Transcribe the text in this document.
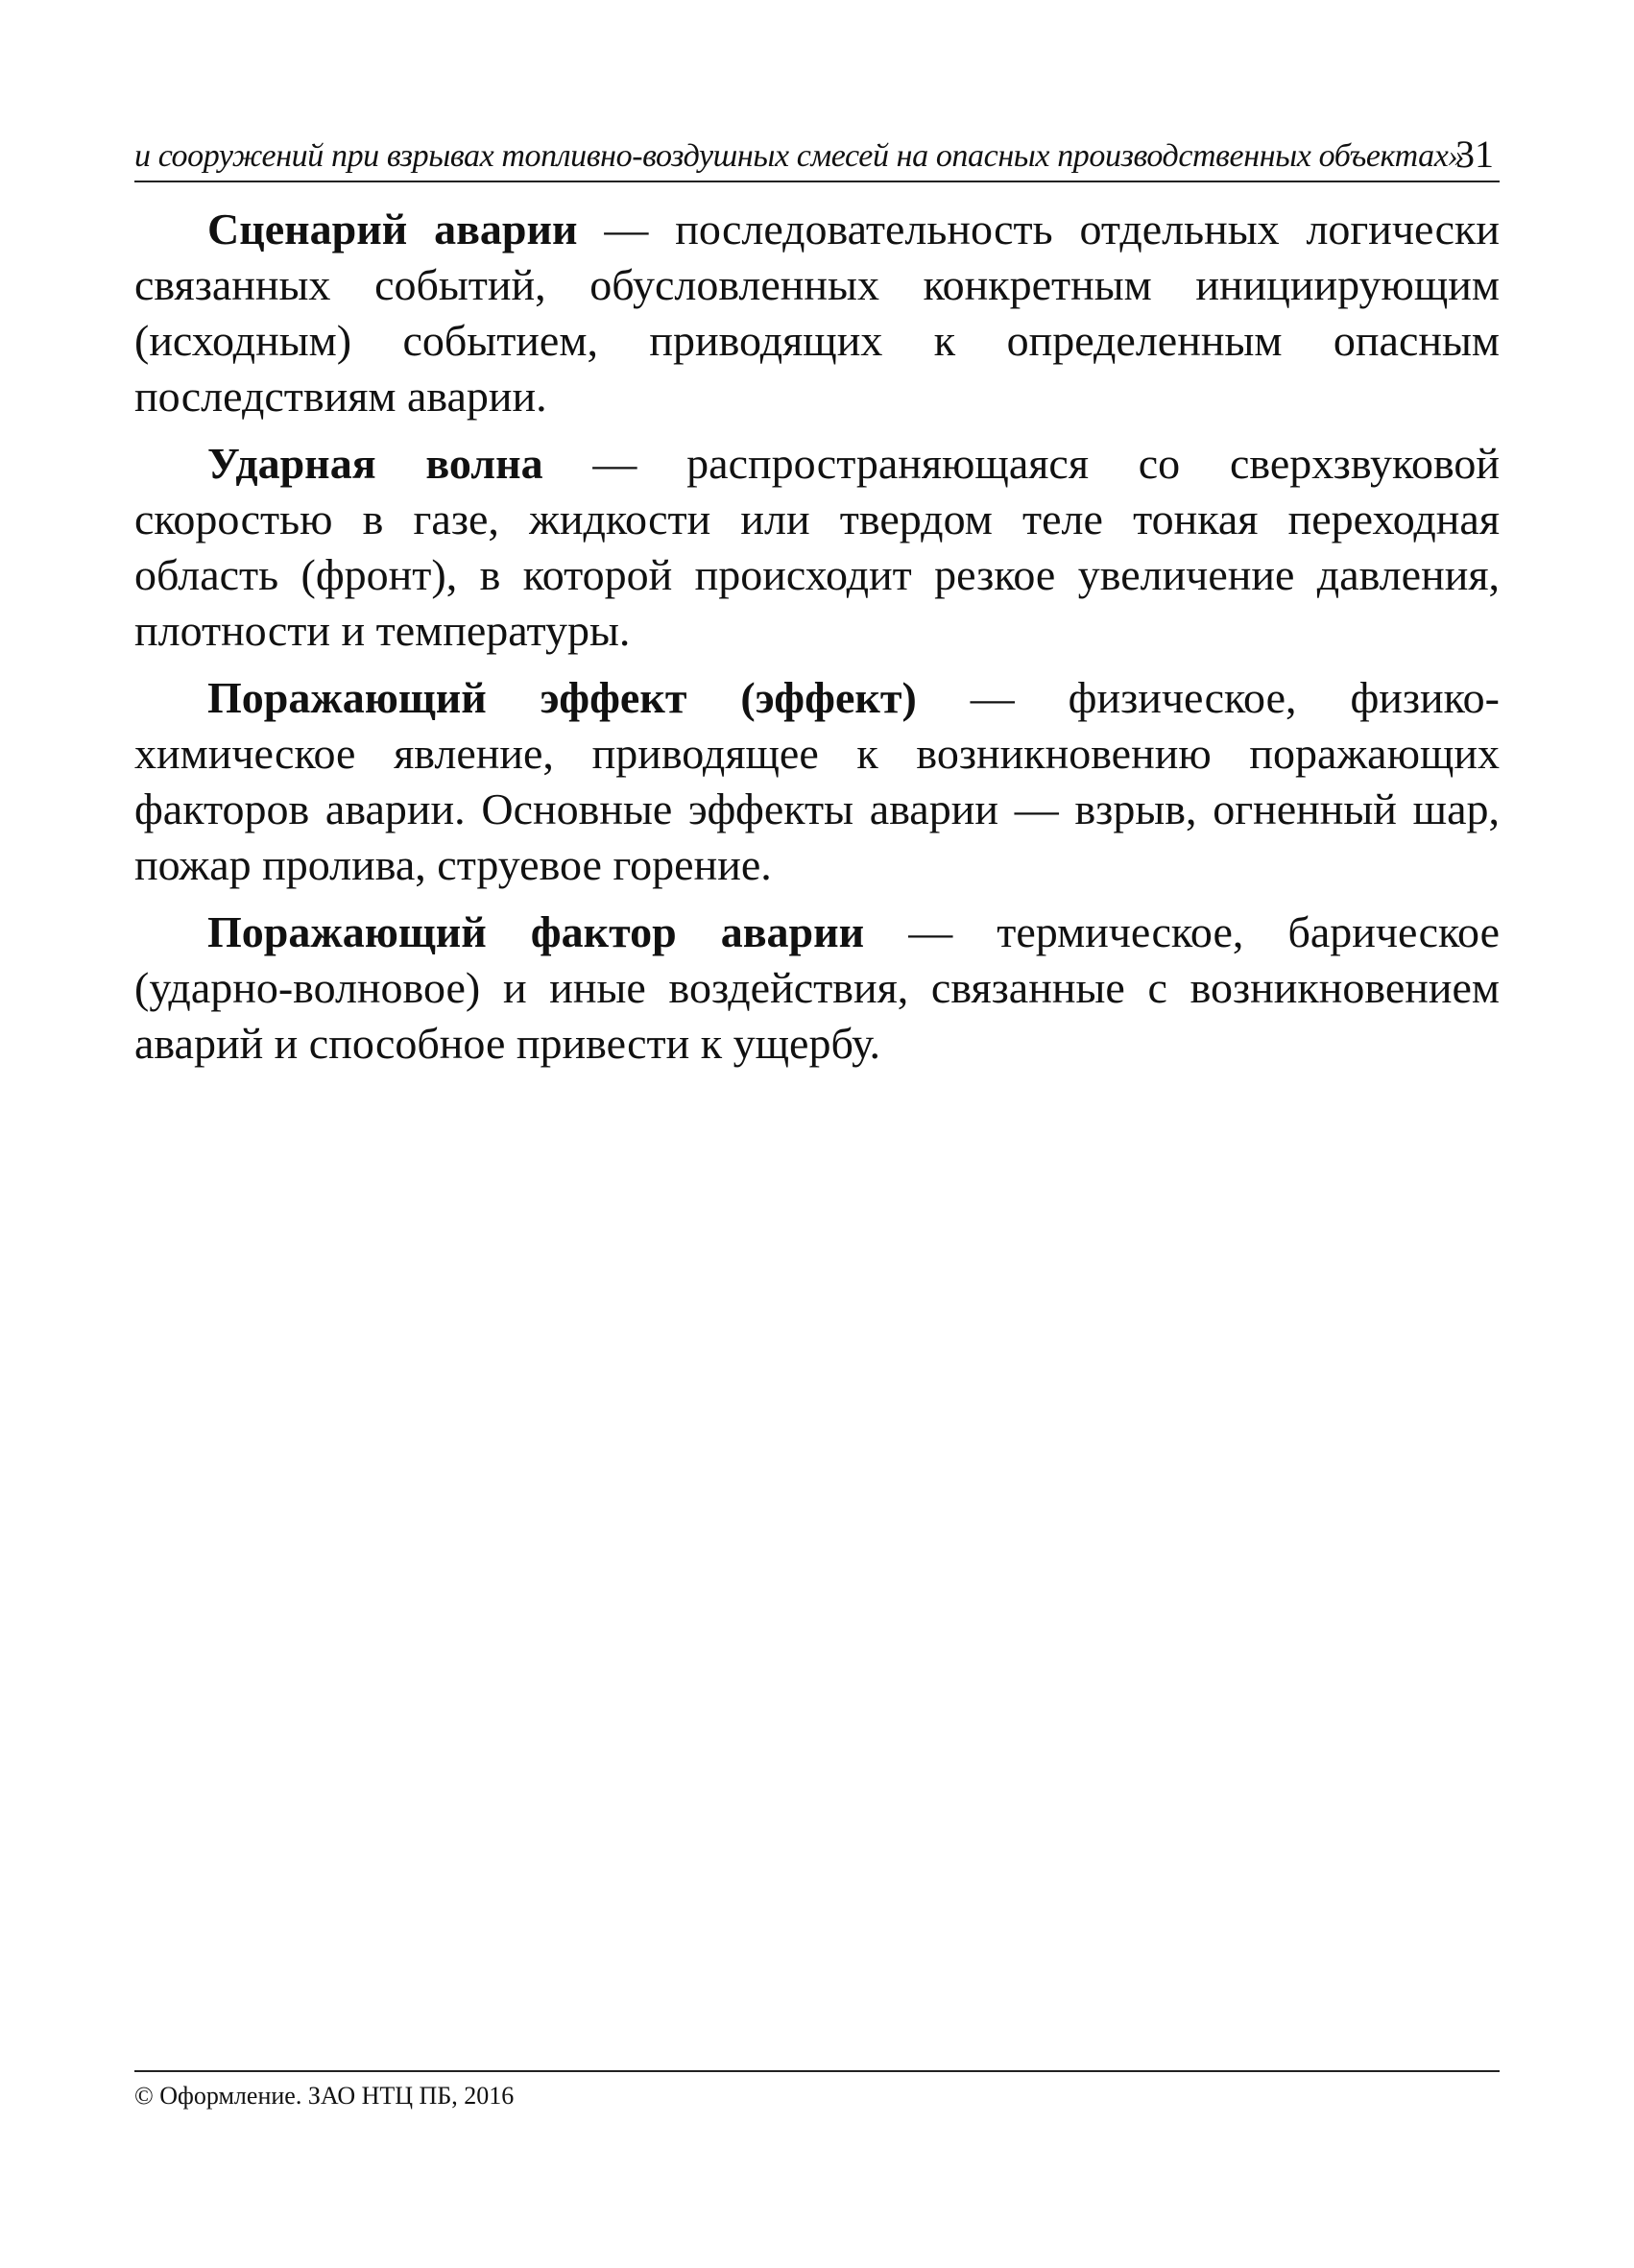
и сооружений при взрывах топливно-воздушных смесей на опасных производственных объектах»
31

Сценарий аварии — последовательность отдельных логически связанных событий, обусловленных конкретным инициирующим (исходным) событием, приводящих к определенным опасным последствиям аварии.

Ударная волна — распространяющаяся со сверхзвуковой скоростью в газе, жидкости или твердом теле тонкая переходная область (фронт), в которой происходит резкое увеличение давления, плотности и температуры.

Поражающий эффект (эффект) — физическое, физико-химическое явление, приводящее к возникновению поражающих факторов аварии. Основные эффекты аварии — взрыв, огненный шар, пожар пролива, струевое горение.

Поражающий фактор аварии — термическое, барическое (ударно-волновое) и иные воздействия, связанные с возникновением аварий и способное привести к ущербу.

© Оформление. ЗАО НТЦ ПБ, 2016
